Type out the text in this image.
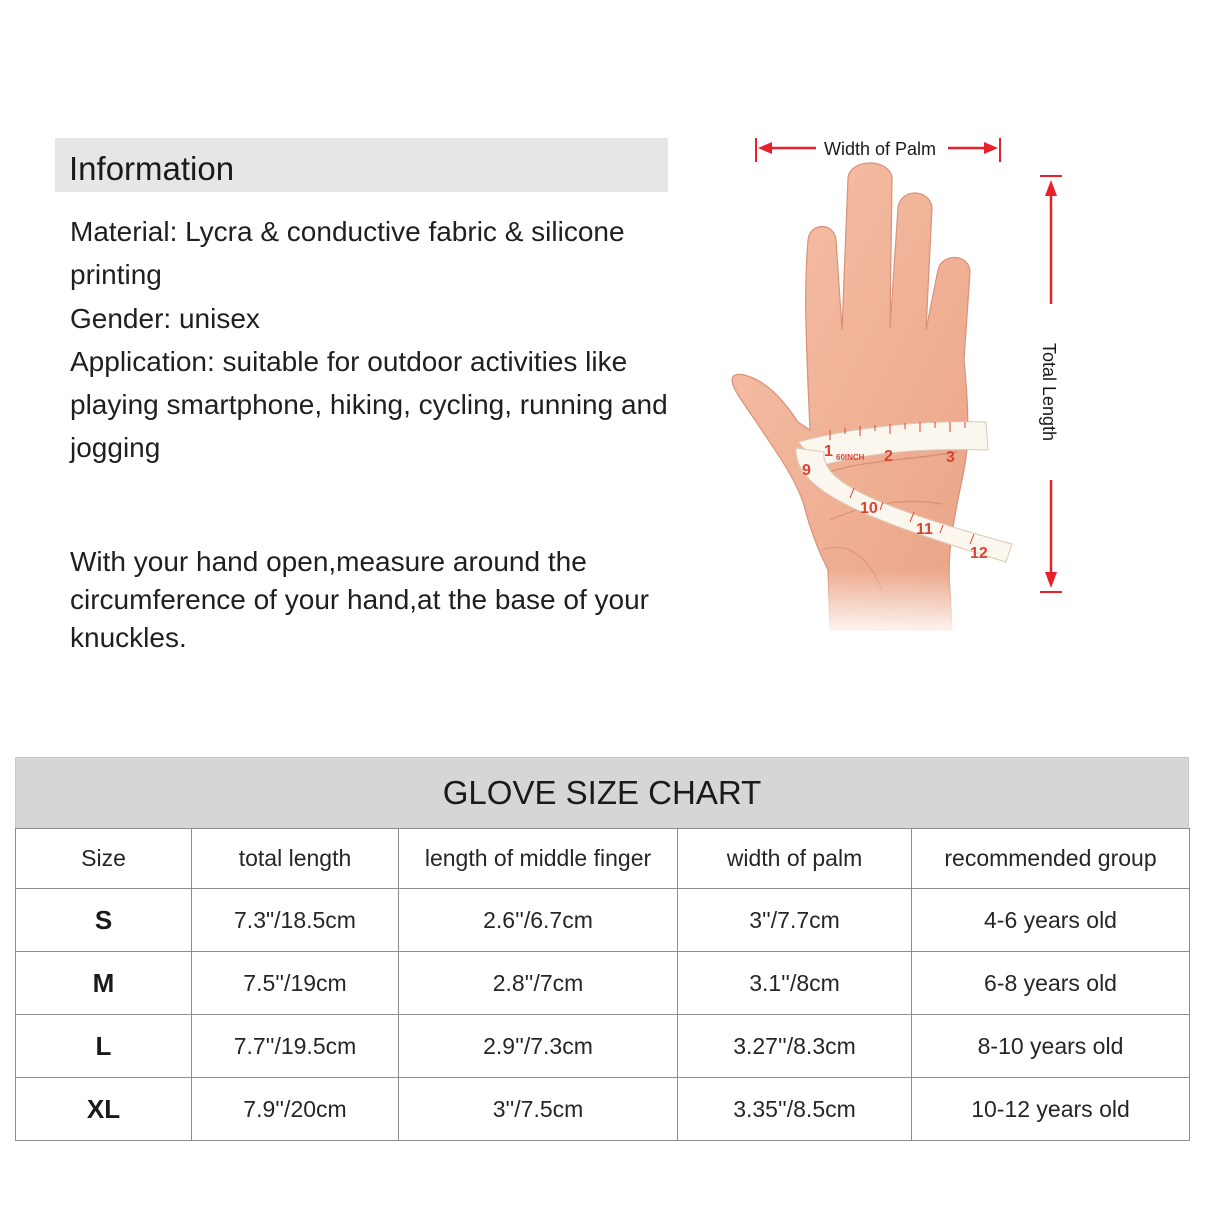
Information

Material: Lycra & conductive fabric & silicone printing

Gender: unisex

Application: suitable for outdoor activities like playing smartphone, hiking, cycling, running and jogging

With your hand open,measure around the circumference of your hand,at the base of your knuckles.
Width of Palm
Total Length
1 60INCH 2	3
9
10
11
12
GLOVE SIZE CHART
Size	total length	length of middle finger	width of palm	recommended group
S	7.3"/18.5cm	2.6''/6.7cm	3''/7.7cm	4-6 years old
M	7.5''/19cm	2.8''/7cm	3.1''/8cm	6-8 years old
L	7.7''/19.5cm	2.9''/7.3cm	3.27''/8.3cm	8-10 years old
XL	7.9''/20cm	3''/7.5cm	3.35''/8.5cm	10-12 years old
